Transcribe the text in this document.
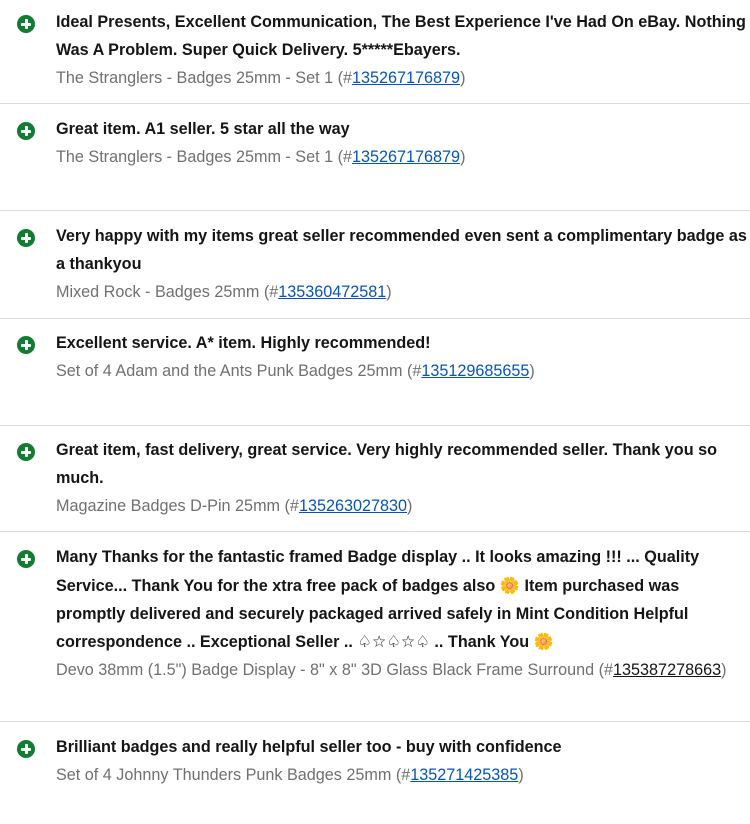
Ideal Presents, Excellent Communication, The Best Experience I've Had On eBay. Nothing Was A Problem. Super Quick Delivery. 5*****Ebayers.

The Stranglers - Badges 25mm - Set 1 (#135267176879)

Great item. A1 seller. 5 star all the way

The Stranglers - Badges 25mm - Set 1 (#135267176879)

Very happy with my items great seller recommended even sent a complimentary badge as a thankyou

Mixed Rock - Badges 25mm (#135360472581)

Excellent service. A* item. Highly recommended!

Set of 4 Adam and the Ants Punk Badges 25mm (#135129685655)

Great item, fast delivery, great service. Very highly recommended seller. Thank you so much.

Magazine Badges D-Pin 25mm (#135263027830)

Many Thanks for the fantastic framed Badge display .. It looks amazing !!! ... Quality Service... Thank You for the xtra free pack of badges also 🌼 Item purchased was promptly delivered and securely packaged arrived safely in Mint Condition Helpful correspondence .. Exceptional Seller .. ♤☆♤☆♤ .. Thank You 🌼

Devo 38mm (1.5") Badge Display - 8" x 8" 3D Glass Black Frame Surround (#135387278663)

Brilliant badges and really helpful seller too - buy with confidence

Set of 4 Johnny Thunders Punk Badges 25mm (#135271425385)
